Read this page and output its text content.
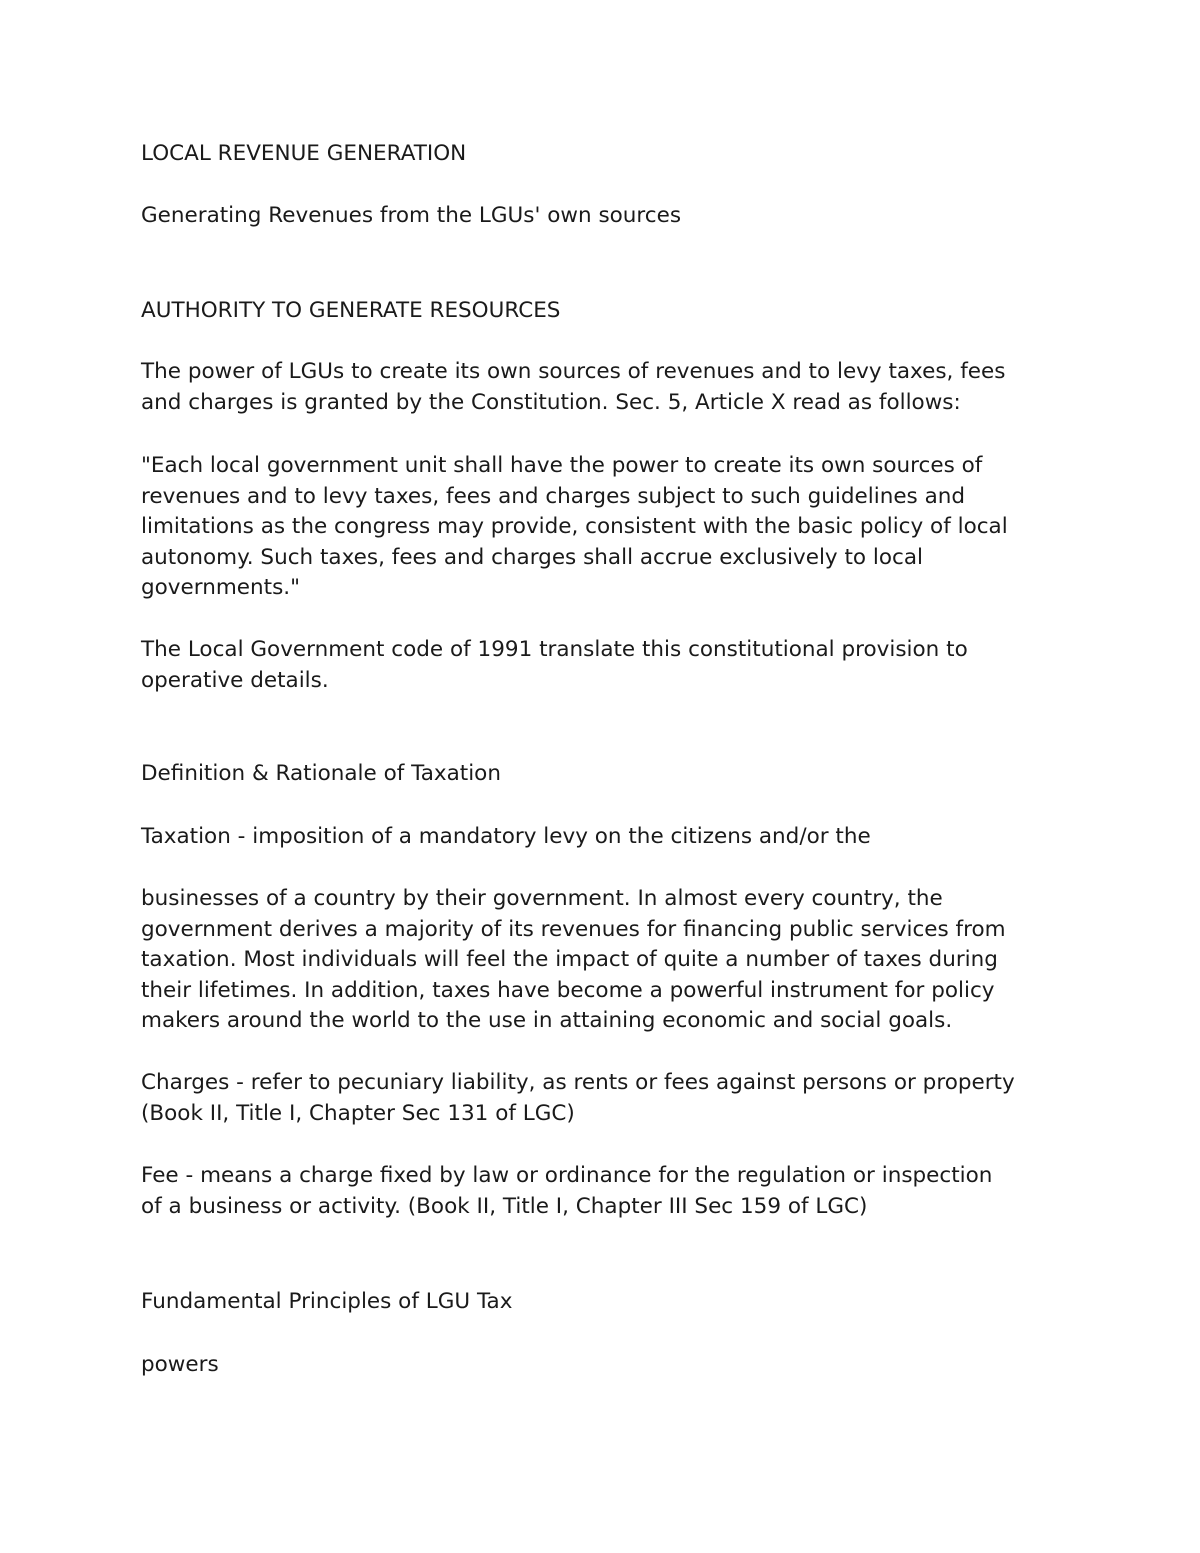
LOCAL REVENUE GENERATION

Generating Revenues from the LGUs' own sources

AUTHORITY TO GENERATE RESOURCES

The power of LGUs to create its own sources of revenues and to levy taxes, fees
and charges is granted by the Constitution. Sec. 5, Article X read as follows:
"Each local government unit shall have the power to create its own sources of
revenues and to levy taxes, fees and charges subject to such guidelines and
limitations as the congress may provide, consistent with the basic policy of local
autonomy. Such taxes, fees and charges shall accrue exclusively to local
governments."
The Local Government code of 1991 translate this constitutional provision to
operative details.

Definition & Rationale of Taxation

Taxation - imposition of a mandatory levy on the citizens and/or the

businesses of a country by their government. In almost every country, the
government derives a majority of its revenues for financing public services from
taxation. Most individuals will feel the impact of quite a number of taxes during
their lifetimes. In addition, taxes have become a powerful instrument for policy
makers around the world to the use in attaining economic and social goals.
Charges - refer to pecuniary liability, as rents or fees against persons or property
(Book II, Title I, Chapter Sec 131 of LGC)
Fee - means a charge fixed by law or ordinance for the regulation or inspection
of a business or activity. (Book II, Title I, Chapter III Sec 159 of LGC)

Fundamental Principles of LGU Tax

powers
